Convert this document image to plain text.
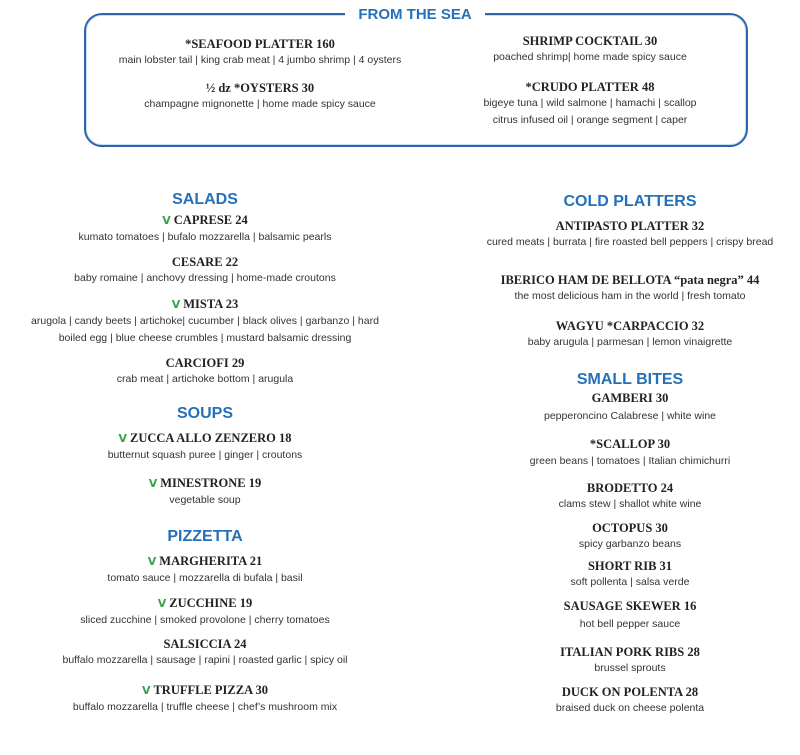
FROM THE SEA
*SEAFOOD PLATTER 160
main lobster tail | king crab meat | 4 jumbo shrimp | 4 oysters
½ dz *OYSTERS 30
champagne mignonette | home made spicy sauce
SHRIMP COCKTAIL 30
poached shrimp| home made spicy sauce
*CRUDO PLATTER 48
bigeye tuna | wild salmone | hamachi | scallop
citrus infused oil | orange segment | caper
SALADS
V CAPRESE 24
kumato tomatoes | bufalo mozzarella | balsamic pearls
CESARE 22
baby romaine | anchovy dressing | home-made croutons
V MISTA 23
arugola | candy beets | artichoke| cucumber | black olives | garbanzo | hard
boiled egg | blue cheese crumbles | mustard balsamic dressing
CARCIOFI 29
crab meat | artichoke bottom | arugula
SOUPS
V ZUCCA ALLO ZENZERO 18
butternut squash puree | ginger | croutons
V MINESTRONE 19
vegetable soup
PIZZETTA
V MARGHERITA 21
tomato sauce | mozzarella di bufala | basil
V ZUCCHINE 19
sliced zucchine | smoked provolone | cherry tomatoes
SALSICCIA 24
buffalo mozzarella | sausage | rapini | roasted garlic | spicy oil
V TRUFFLE PIZZA 30
buffalo mozzarella | truffle cheese | chef’s mushroom mix
COLD PLATTERS
ANTIPASTO PLATTER 32
cured meats | burrata | fire roasted bell peppers | crispy bread
IBERICO HAM DE BELLOTA “pata negra” 44
the most delicious ham in the world | fresh tomato
WAGYU *CARPACCIO 32
baby arugula | parmesan | lemon vinaigrette
SMALL BITES
GAMBERI 30
pepperoncino Calabrese | white wine
*SCALLOP 30
green beans | tomatoes | Italian chimichurri
BRODETTO 24
clams stew | shallot white wine
OCTOPUS 30
spicy garbanzo beans
SHORT RIB 31
soft pollenta | salsa verde
SAUSAGE SKEWER 16
hot bell pepper sauce
ITALIAN PORK RIBS 28
brussel sprouts
DUCK ON POLENTA 28
braised duck on cheese polenta
